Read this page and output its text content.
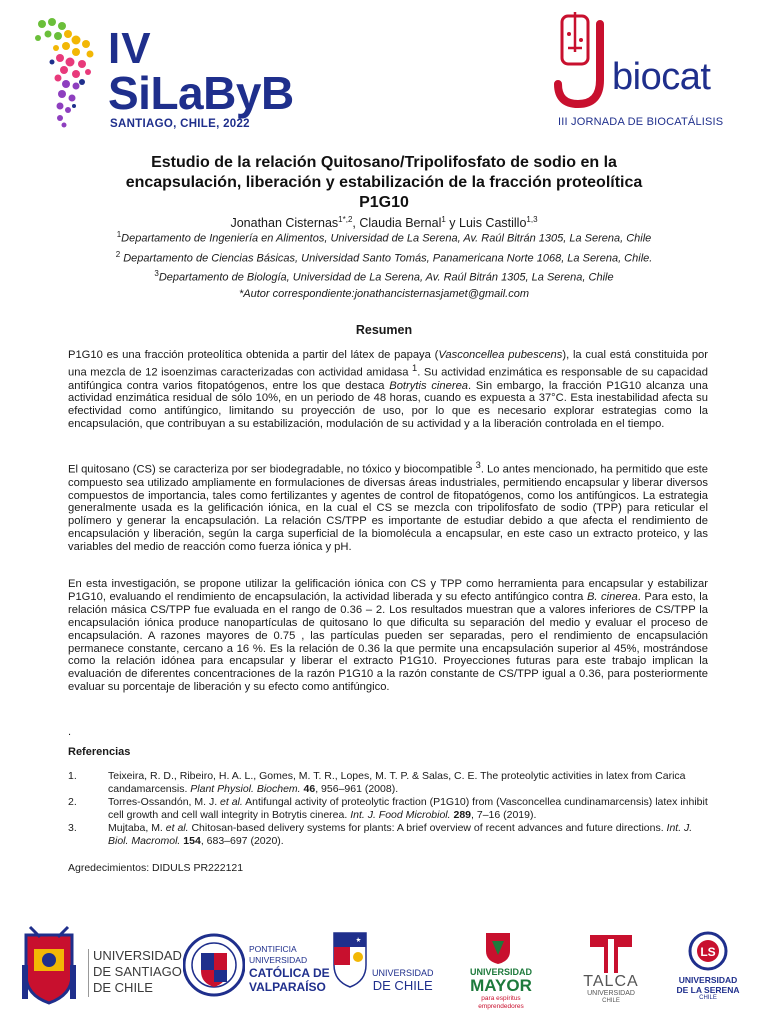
IV
SiLaByB
SANTIAGO, CHILE, 2022
biocat
III JORNADA DE BIOCATÁLISIS
Estudio de la relación Quitosano/Tripolifosfato de sodio en la
encapsulación, liberación y estabilización de la fracción proteolítica
P1G10
Jonathan Cisternas$^{1*,2}$, Claudia Bernal$^1$ y Luis Castillo$^{1,3}$
$^1$Departamento de Ingeniería en Alimentos, Universidad de La Serena, Av. Raúl Bitrán 1305, La Serena, Chile
$^2$ Departamento de Ciencias Básicas, Universidad Santo Tomás, Panamericana Norte 1068, La Serena, Chile.
$^3$Departamento de Biología, Universidad de La Serena, Av. Raúl Bitrán 1305, La Serena, Chile
*Autor correspondiente:jonathancisternasjamet@gmail.com
Resumen
P1G10 es una fracción proteolítica obtenida a partir del látex de papaya (Vasconcellea pubescens), la cual está constituida por una mezcla de 12 isoenzimas caracterizadas con actividad amidasa $^1$. Su actividad enzimática es responsable de su capacidad antifúngica contra varios fitopatógenos, entre los que destaca Botrytis cinerea. Sin embargo, la fracción P1G10 alcanza una actividad enzimática residual de sólo 10%, en un periodo de 48 horas, cuando es expuesta a 37°C. Esta inestabilidad afecta su efectividad como antifúngico, limitando su proyección de uso, por lo que es necesario explorar estrategias como la encapsulación, que contribuyan a su estabilización, modulación de su actividad y a la liberación controlada en el tiempo.
El quitosano (CS) se caracteriza por ser biodegradable, no tóxico y biocompatible $^3$. Lo antes mencionado, ha permitido que este compuesto sea utilizado ampliamente en formulaciones de diversas áreas industriales, permitiendo encapsular y liberar diversos compuestos de importancia, tales como fertilizantes y agentes de control de fitopatógenos, como los antifúngicos. La estrategia generalmente usada es la gelificación iónica, en la cual el CS se mezcla con tripolifosfato de sodio (TPP) para reticular el polímero y generar la encapsulación. La relación CS/TPP es importante de estudiar debido a que afecta el rendimiento de encapsulación y liberación, según la carga superficial de la biomolécula a encapsular, en este caso un extracto proteico, y las variables del medio de reacción como fuerza iónica y pH.
En esta investigación, se propone utilizar la gelificación iónica con CS y TPP como herramienta para encapsular y estabilizar P1G10, evaluando el rendimiento de encapsulación, la actividad liberada y su efecto antifúngico contra B. cinerea. Para esto, la relación másica CS/TPP fue evaluada en el rango de 0.36 – 2. Los resultados muestran que a valores inferiores de CS/TPP la encapsulación iónica produce nanopartículas de quitosano lo que dificulta su separación del medio y evaluar el proceso de encapsulación. A razones mayores de 0.75 , las partículas pueden ser separadas, pero el rendimiento de encapsulación permanece constante, cercano a 16 %. Es la relación de 0.36 la que permite una encapsulación superior al 45%, mostrándose como la relación idónea para encapsular y liberar el extracto P1G10. Proyecciones futuras para este trabajo implican la evaluación de diferentes concentraciones de la razón P1G10 a la razón constante de CS/TPP igual a 0.36, para posteriormente evaluar su porcentaje de liberación y su efecto como antifúngico.
.
Referencias
1.	Teixeira, R. D., Ribeiro, H. A. L., Gomes, M. T. R., Lopes, M. T. P. & Salas, C. E. The proteolytic activities in latex from Carica candamarcensis. Plant Physiol. Biochem. 46, 956–961 (2008).
2.	Torres-Ossandón, M. J. et al. Antifungal activity of proteolytic fraction (P1G10) from (Vasconcellea cundinamarcensis) latex inhibit cell growth and cell wall integrity in Botrytis cinerea. Int. J. Food Microbiol. 289, 7–16 (2019).
3.	Mujtaba, M. et al. Chitosan-based delivery systems for plants: A brief overview of recent advances and future directions. Int. J. Biol. Macromol. 154, 683–697 (2020).
Agredecimientos: DIDULS PR222121
UNIVERSIDAD
DE SANTIAGO
DE CHILE
PONTIFICIA
UNIVERSIDAD
CATÓLICA DE
VALPARAÍSO
UNIVERSIDAD
DE CHILE
UNIVERSIDAD
MAYOR
para espíritus emprendedores
TALCA
UNIVERSIDAD
CHILE
LS
UNIVERSIDAD
DE LA SERENA
CHILE
